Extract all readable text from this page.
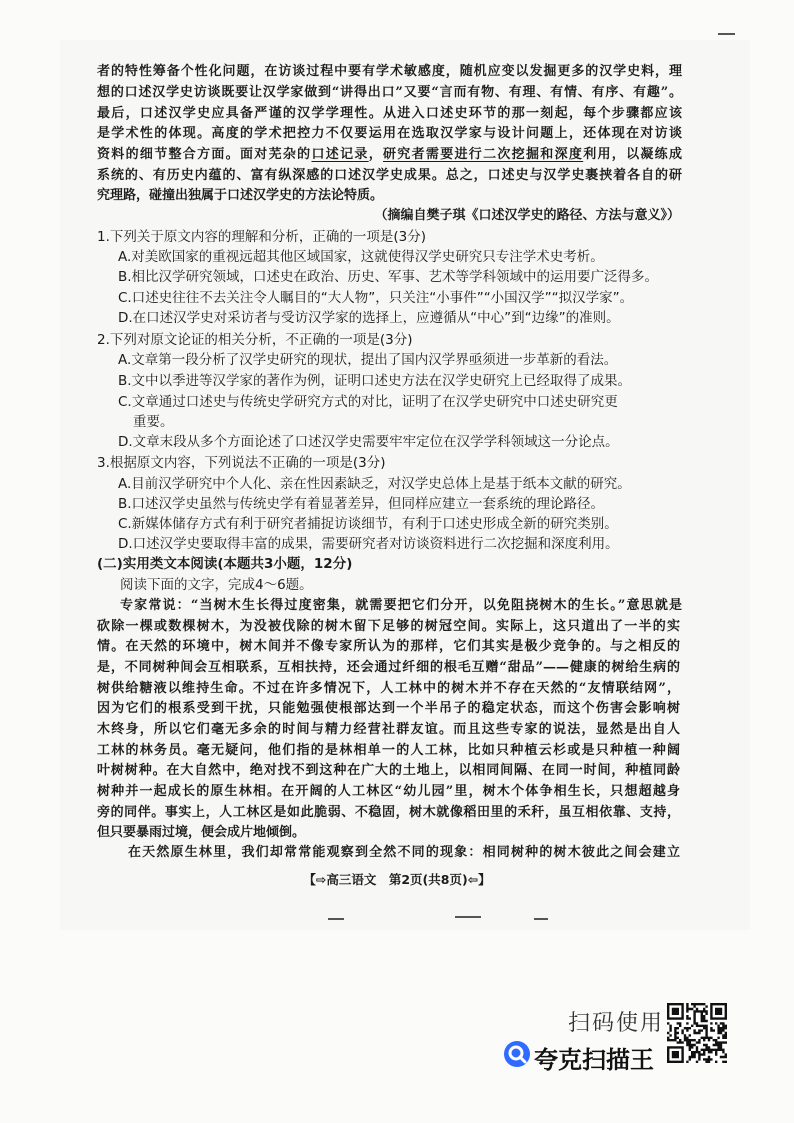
者的特性筹备个性化问题，在访谈过程中要有学术敏感度，随机应变以发掘更多的汉学史料，理
想的口述汉学史访谈既要让汉学家做到“讲得出口”又要“言而有物、有理、有情、有序、有趣”。
最后，口述汉学史应具备严谨的汉学学理性。从进入口述史环节的那一刻起，每个步骤都应该
是学术性的体现。高度的学术把控力不仅要运用在选取汉学家与设计问题上，还体现在对访谈
资料的细节整合方面。面对芜杂的口述记录，研究者需要进行二次挖掘和深度利用，以凝练成
系统的、有历史内蕴的、富有纵深感的口述汉学史成果。总之，口述史与汉学史裹挟着各自的研
究理路，碰撞出独属于口述汉学史的方法论特质。
（摘编自樊子琪《口述汉学史的路径、方法与意义》）
1.下列关于原文内容的理解和分析，正确的一项是(3分)
A.对美欧国家的重视远超其他区域国家，这就使得汉学史研究只专注学术史考析。
B.相比汉学研究领域，口述史在政治、历史、军事、艺术等学科领域中的运用要广泛得多。
C.口述史往往不去关注令人瞩目的“大人物”，只关注“小事件”“小国汉学”“拟汉学家”。
D.在口述汉学史对采访者与受访汉学家的选择上，应遵循从“中心”到“边缘”的准则。
2.下列对原文论证的相关分析，不正确的一项是(3分)
A.文章第一段分析了汉学史研究的现状，提出了国内汉学界亟须进一步革新的看法。
B.文中以季进等汉学家的著作为例，证明口述史方法在汉学史研究上已经取得了成果。
C.文章通过口述史与传统史学研究方式的对比，证明了在汉学史研究中口述史研究更
重要。
D.文章末段从多个方面论述了口述汉学史需要牢牢定位在汉学学科领域这一分论点。
3.根据原文内容，下列说法不正确的一项是(3分)
A.目前汉学研究中个人化、亲在性因素缺乏，对汉学史总体上是基于纸本文献的研究。
B.口述汉学史虽然与传统史学有着显著差异，但同样应建立一套系统的理论路径。
C.新媒体储存方式有利于研究者捕捉访谈细节，有利于口述史形成全新的研究类别。
D.口述汉学史要取得丰富的成果，需要研究者对访谈资料进行二次挖掘和深度利用。
(二)实用类文本阅读(本题共3小题，12分)
阅读下面的文字，完成4～6题。
专家常说：“当树木生长得过度密集，就需要把它们分开，以免阻挠树木的生长。”意思就是
砍除一棵或数棵树木，为没被伐除的树木留下足够的树冠空间。实际上，这只道出了一半的实
情。在天然的环境中，树木间并不像专家所认为的那样，它们其实是极少竞争的。与之相反的
是，不同树种间会互相联系，互相扶持，还会通过纤细的根毛互赠“甜品”——健康的树给生病的
树供给糖液以维持生命。不过在许多情况下，人工林中的树木并不存在天然的“友情联结网”，
因为它们的根系受到干扰，只能勉强使根部达到一个半吊子的稳定状态，而这个伤害会影响树
木终身，所以它们毫无多余的时间与精力经营社群友谊。而且这些专家的说法，显然是出自人
工林的林务员。毫无疑问，他们指的是林相单一的人工林，比如只种植云杉或是只种植一种阔
叶树树种。在大自然中，绝对找不到这种在广大的土地上，以相同间隔、在同一时间，种植同龄
树种并一起成长的原生林相。在开阔的人工林区“幼儿园”里，树木个体争相生长，只想超越身
旁的同伴。事实上，人工林区是如此脆弱、不稳固，树木就像稻田里的禾秆，虽互相依靠、支持，
但只要暴雨过境，便会成片地倾倒。
在天然原生林里，我们却常常能观察到全然不同的现象：相同树种的树木彼此之间会建立
【⇨高三语文　第2页(共8页)⇦】
扫码使用
夸克扫描王
